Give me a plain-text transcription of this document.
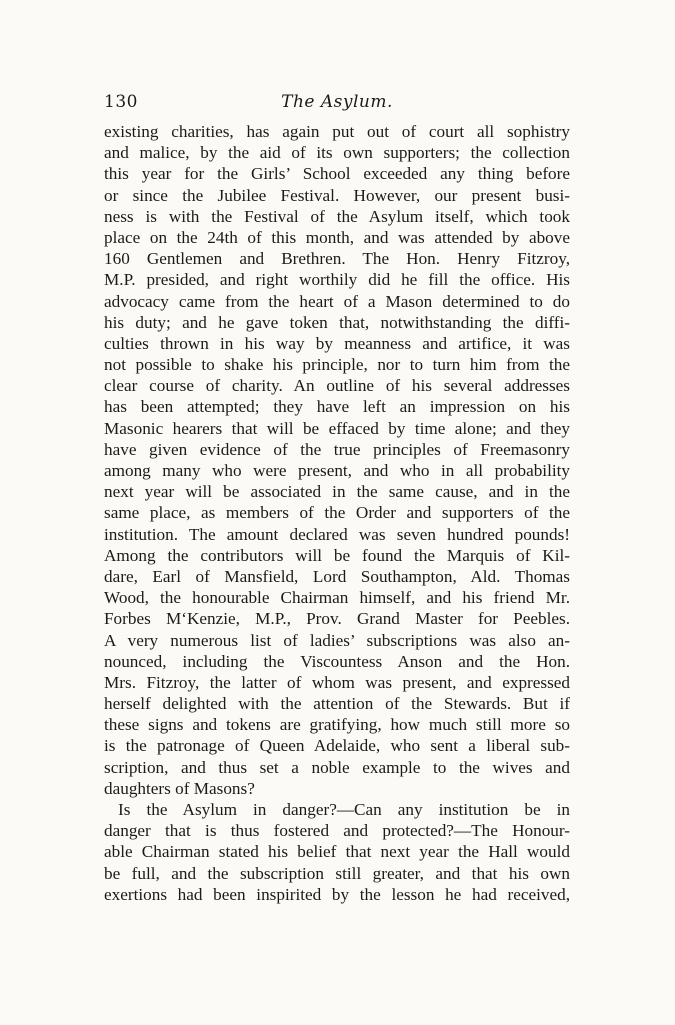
130	The Asylum.
existing charities, has again put out of court all sophistry
and malice, by the aid of its own supporters; the collection
this year for the Girls’ School exceeded any thing before
or since the Jubilee Festival. However, our present busi-
ness is with the Festival of the Asylum itself, which took
place on the 24th of this month, and was attended by above
160 Gentlemen and Brethren. The Hon. Henry Fitzroy,
M.P. presided, and right worthily did he fill the office. His
advocacy came from the heart of a Mason determined to do
his duty; and he gave token that, notwithstanding the diffi-
culties thrown in his way by meanness and artifice, it was
not possible to shake his principle, nor to turn him from the
clear course of charity. An outline of his several addresses
has been attempted; they have left an impression on his
Masonic hearers that will be effaced by time alone; and they
have given evidence of the true principles of Freemasonry
among many who were present, and who in all probability
next year will be associated in the same cause, and in the
same place, as members of the Order and supporters of the
institution. The amount declared was seven hundred pounds!
Among the contributors will be found the Marquis of Kil-
dare, Earl of Mansfield, Lord Southampton, Ald. Thomas
Wood, the honourable Chairman himself, and his friend Mr.
Forbes M‘Kenzie, M.P., Prov. Grand Master for Peebles.
A very numerous list of ladies’ subscriptions was also an-
nounced, including the Viscountess Anson and the Hon.
Mrs. Fitzroy, the latter of whom was present, and expressed
herself delighted with the attention of the Stewards. But if
these signs and tokens are gratifying, how much still more so
is the patronage of Queen Adelaide, who sent a liberal sub-
scription, and thus set a noble example to the wives and
daughters of Masons?
Is the Asylum in danger?—Can any institution be in
danger that is thus fostered and protected?—The Honour-
able Chairman stated his belief that next year the Hall would
be full, and the subscription still greater, and that his own
exertions had been inspirited by the lesson he had received,
